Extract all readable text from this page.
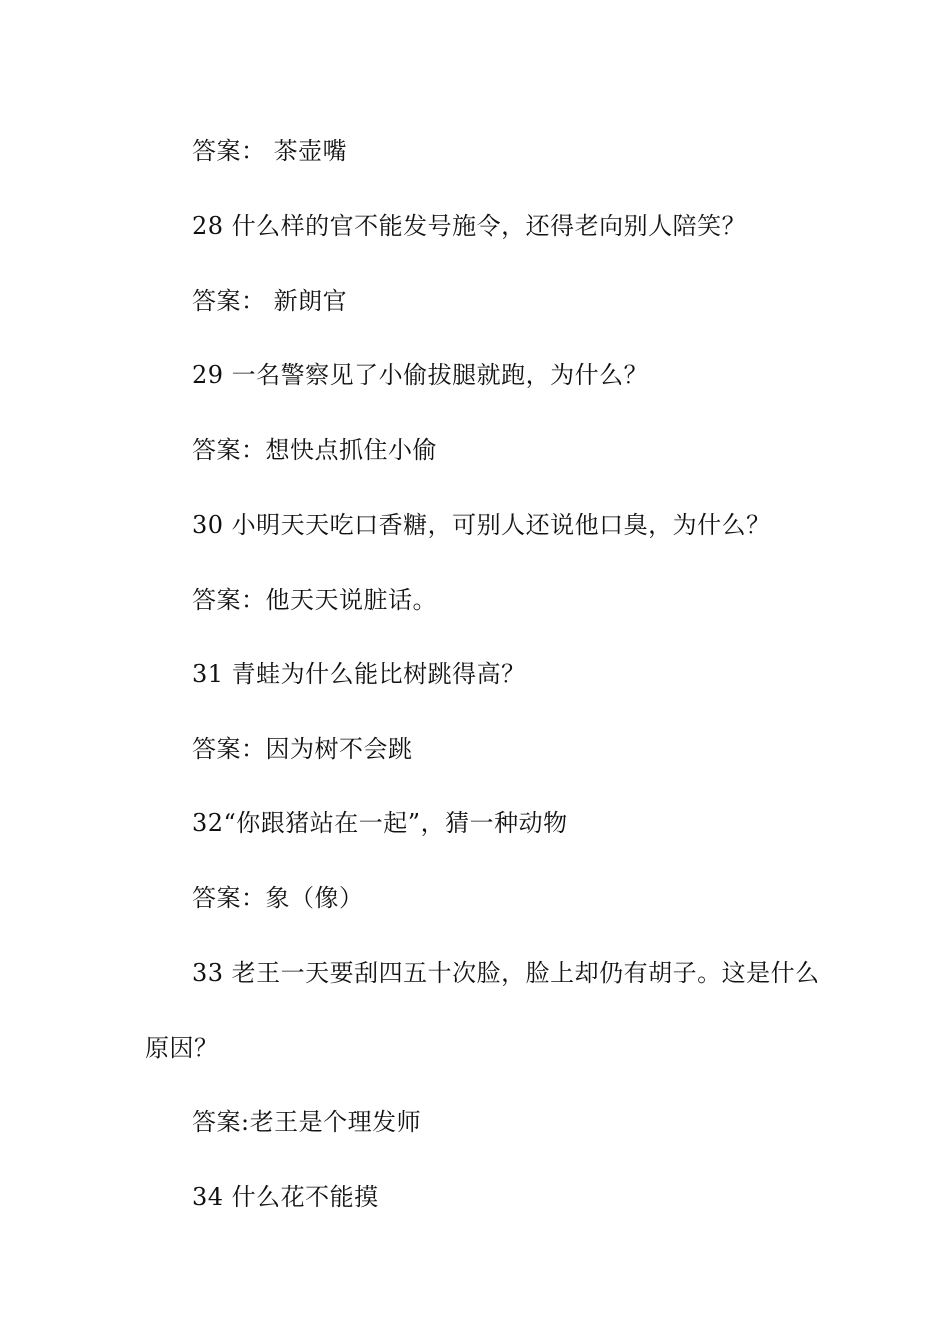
答案： 茶壶嘴
28 什么样的官不能发号施令，还得老向别人陪笑？
答案： 新朗官
29 一名警察见了小偷拔腿就跑，为什么？
答案：想快点抓住小偷
30 小明天天吃口香糖，可别人还说他口臭，为什么？
答案：他天天说脏话。
31 青蛙为什么能比树跳得高？
答案：因为树不会跳
32“你跟猪站在一起”，猜一种动物
答案：象（像）
33 老王一天要刮四五十次脸，脸上却仍有胡子。这是什么
原因？
答案:老王是个理发师
34 什么花不能摸
